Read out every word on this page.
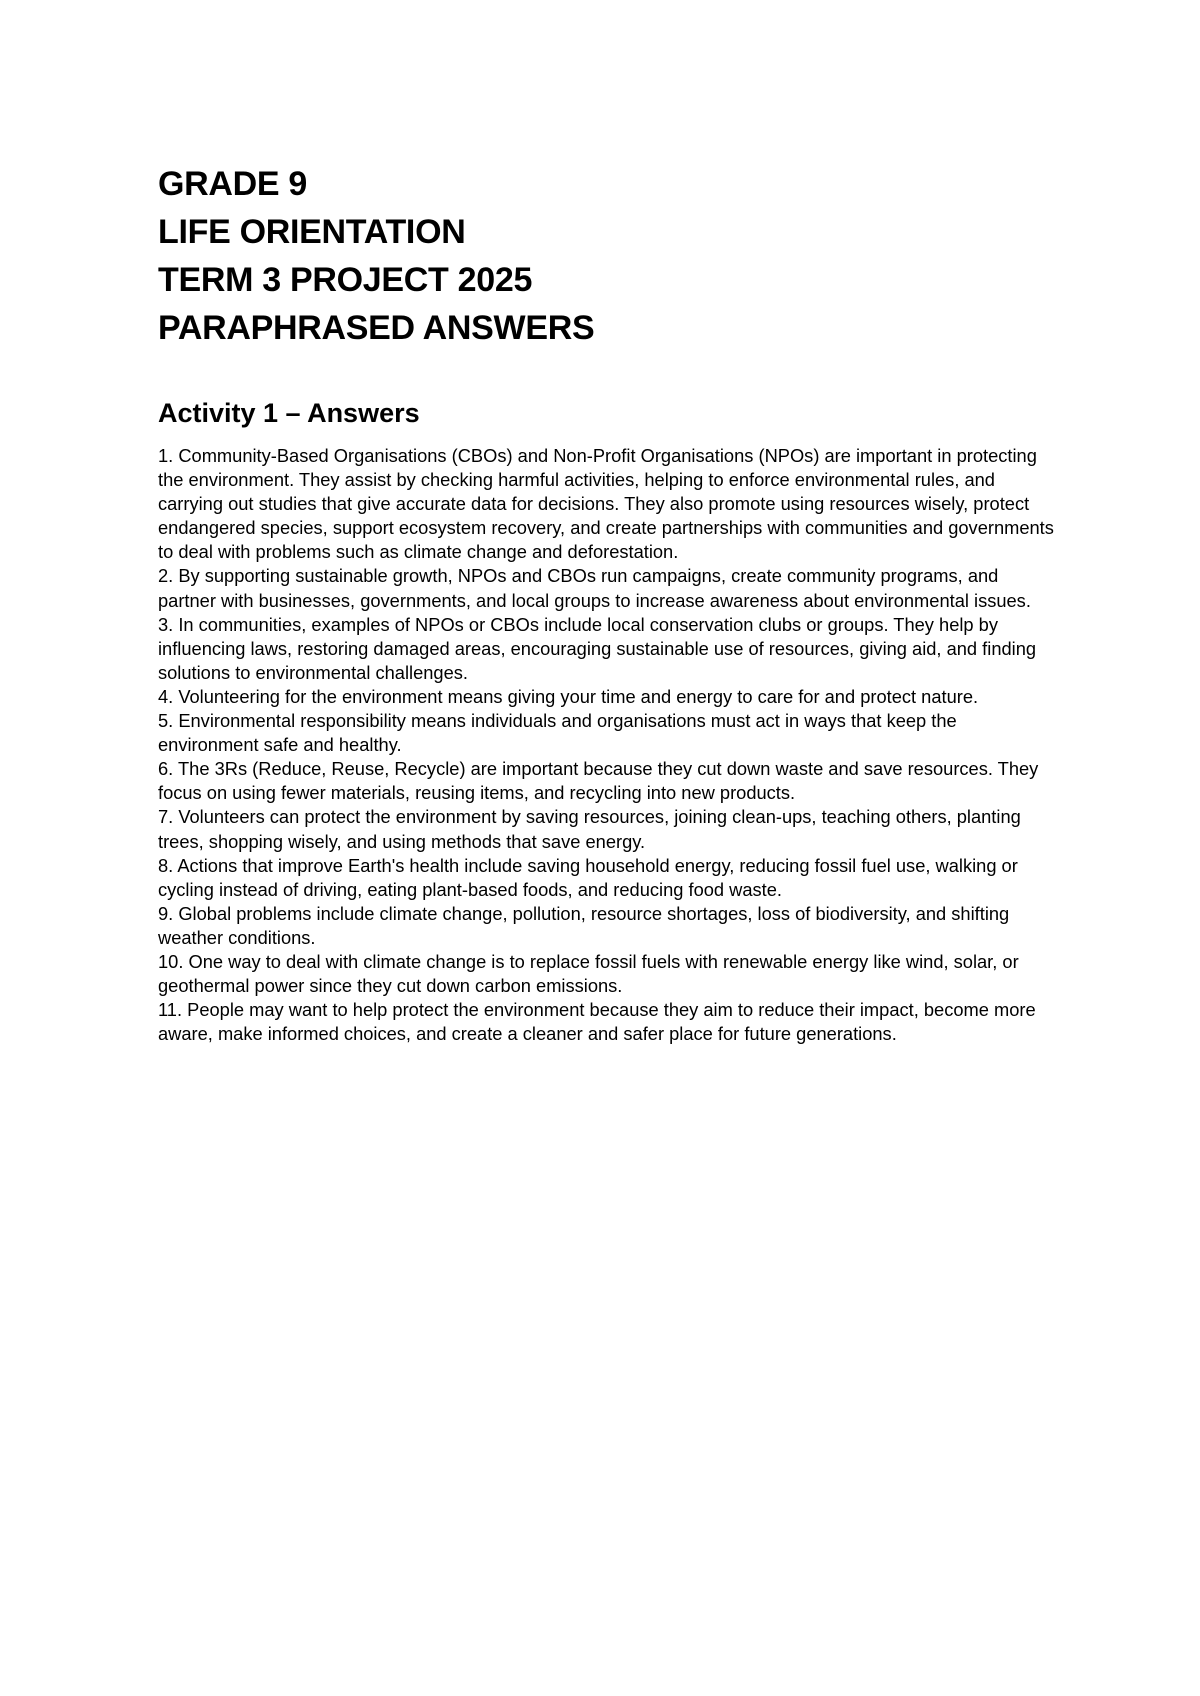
GRADE 9
LIFE ORIENTATION
TERM 3 PROJECT 2025
PARAPHRASED ANSWERS
Activity 1 – Answers
1. Community-Based Organisations (CBOs) and Non-Profit Organisations (NPOs) are important in protecting the environment. They assist by checking harmful activities, helping to enforce environmental rules, and carrying out studies that give accurate data for decisions. They also promote using resources wisely, protect endangered species, support ecosystem recovery, and create partnerships with communities and governments to deal with problems such as climate change and deforestation.
2. By supporting sustainable growth, NPOs and CBOs run campaigns, create community programs, and partner with businesses, governments, and local groups to increase awareness about environmental issues.
3. In communities, examples of NPOs or CBOs include local conservation clubs or groups. They help by influencing laws, restoring damaged areas, encouraging sustainable use of resources, giving aid, and finding solutions to environmental challenges.
4. Volunteering for the environment means giving your time and energy to care for and protect nature.
5. Environmental responsibility means individuals and organisations must act in ways that keep the environment safe and healthy.
6. The 3Rs (Reduce, Reuse, Recycle) are important because they cut down waste and save resources. They focus on using fewer materials, reusing items, and recycling into new products.
7. Volunteers can protect the environment by saving resources, joining clean-ups, teaching others, planting trees, shopping wisely, and using methods that save energy.
8. Actions that improve Earth's health include saving household energy, reducing fossil fuel use, walking or cycling instead of driving, eating plant-based foods, and reducing food waste.
9. Global problems include climate change, pollution, resource shortages, loss of biodiversity, and shifting weather conditions.
10. One way to deal with climate change is to replace fossil fuels with renewable energy like wind, solar, or geothermal power since they cut down carbon emissions.
11. People may want to help protect the environment because they aim to reduce their impact, become more aware, make informed choices, and create a cleaner and safer place for future generations.
